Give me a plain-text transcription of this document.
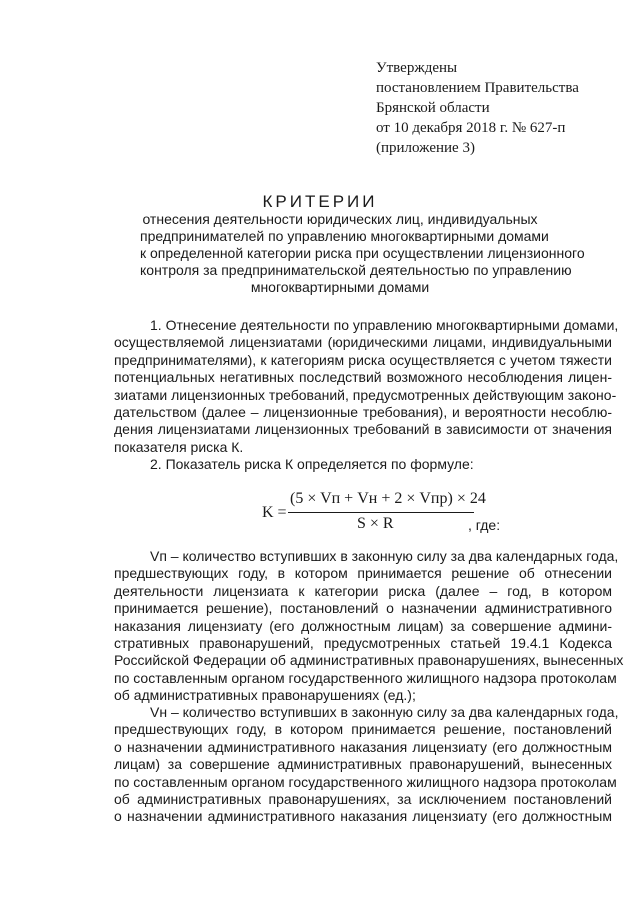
Утверждены
постановлением Правительства
Брянской области
от 10 декабря 2018 г. № 627-п
(приложение 3)
КРИТЕРИИ
отнесения деятельности юридических лиц, индивидуальных
предпринимателей по управлению многоквартирными домами
к определенной категории риска при осуществлении лицензионного
контроля за предпринимательской деятельностью по управлению
многоквартирными домами
1. Отнесение деятельности по управлению многоквартирными домами,
осуществляемой лицензиатами (юридическими лицами, индивидуальными
предпринимателями), к категориям риска осуществляется с учетом тяжести
потенциальных негативных последствий возможного несоблюдения лицен-
зиатами лицензионных требований, предусмотренных действующим законо-
дательством (далее – лицензионные требования), и вероятности несоблю-
дения лицензиатами лицензионных требований в зависимости от значения
показателя риска К.
2. Показатель риска К определяется по формуле:
K =
(5 × Vп + Vн + 2 × Vпр) × 24
S × R	, где:
Vп – количество вступивших в законную силу за два календарных года,
предшествующих году, в котором принимается решение об отнесении
деятельности лицензиата к категории риска (далее – год, в котором
принимается решение), постановлений о назначении административного
наказания лицензиату (его должностным лицам) за совершение админи-
стративных правонарушений, предусмотренных статьей 19.4.1 Кодекса
Российской Федерации об административных правонарушениях, вынесенных
по составленным органом государственного жилищного надзора протоколам
об административных правонарушениях (ед.);
Vн – количество вступивших в законную силу за два календарных года,
предшествующих году, в котором принимается решение, постановлений
о назначении административного наказания лицензиату (его должностным
лицам) за совершение административных правонарушений, вынесенных
по составленным органом государственного жилищного надзора протоколам
об административных правонарушениях, за исключением постановлений
о назначении административного наказания лицензиату (его должностным
